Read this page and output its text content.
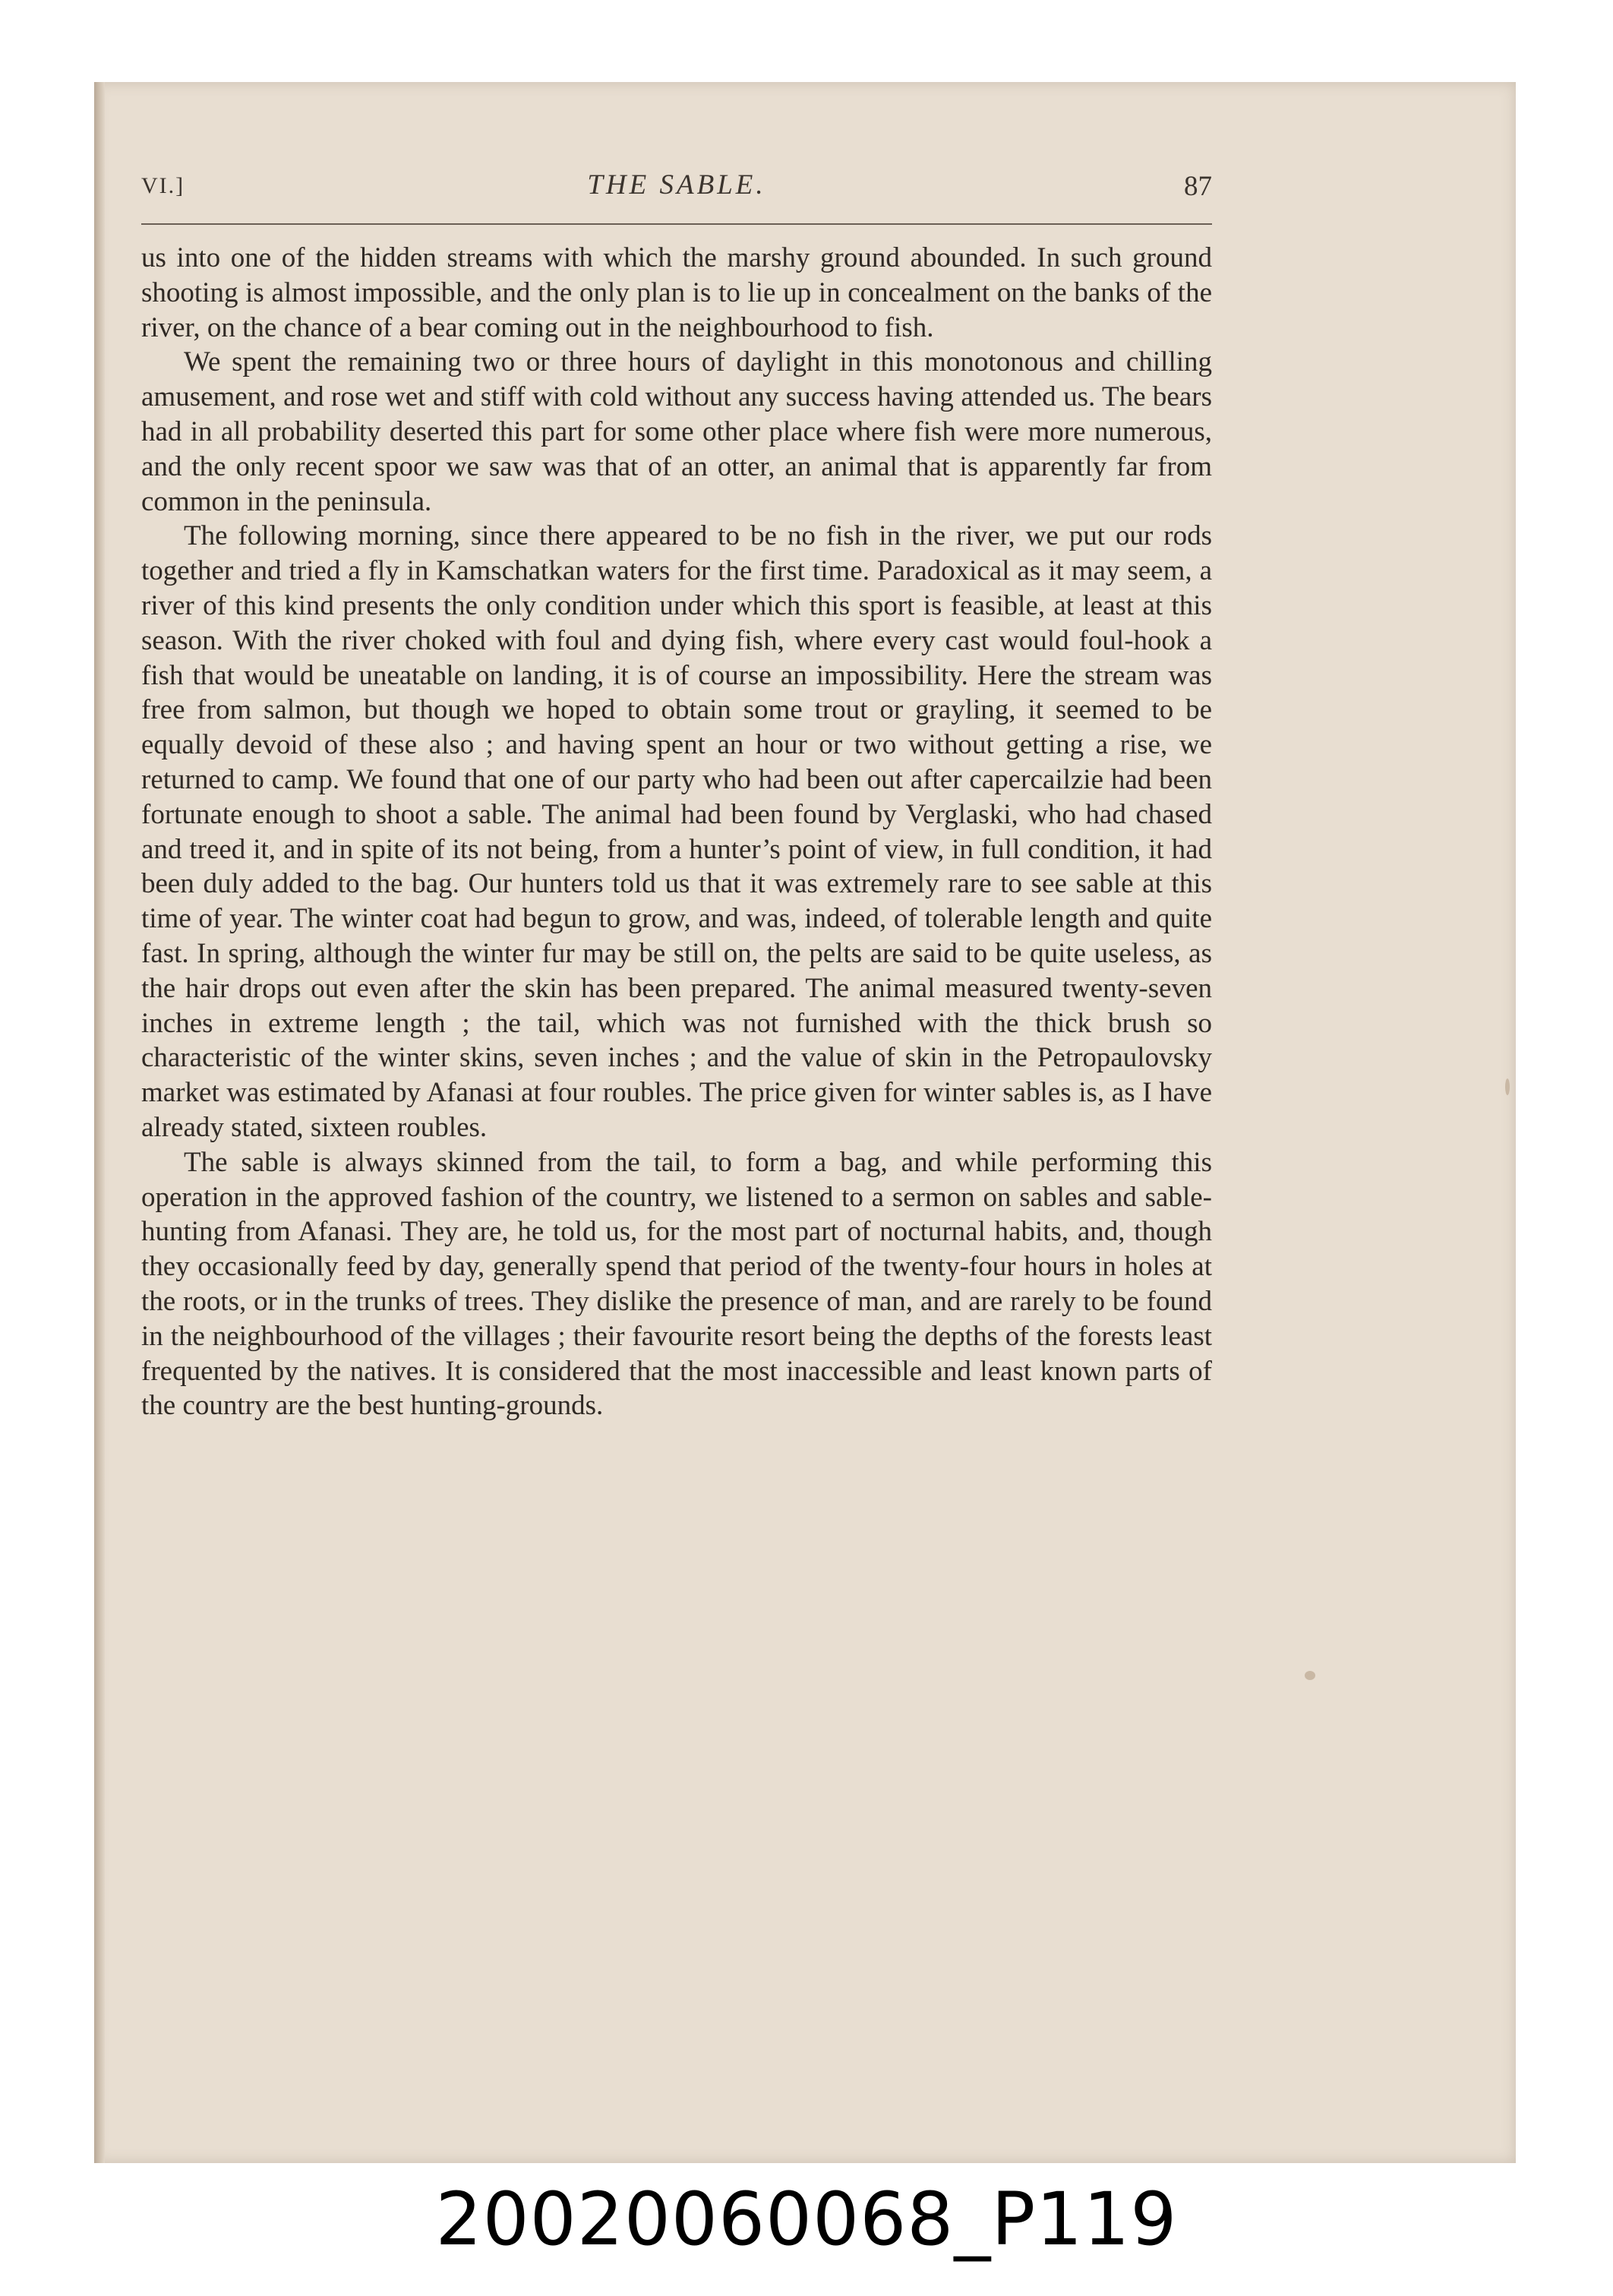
VI.]	THE SABLE.	87

us into one of the hidden streams with which the marshy ground abounded. In such ground shooting is almost impossible, and the only plan is to lie up in concealment on the banks of the river, on the chance of a bear coming out in the neighbourhood to fish.

We spent the remaining two or three hours of daylight in this monotonous and chilling amusement, and rose wet and stiff with cold without any success having attended us. The bears had in all probability deserted this part for some other place where fish were more numerous, and the only recent spoor we saw was that of an otter, an animal that is apparently far from common in the peninsula.

The following morning, since there appeared to be no fish in the river, we put our rods together and tried a fly in Kamschatkan waters for the first time. Paradoxical as it may seem, a river of this kind presents the only condition under which this sport is feasible, at least at this season. With the river choked with foul and dying fish, where every cast would foul-hook a fish that would be uneatable on landing, it is of course an impossibility. Here the stream was free from salmon, but though we hoped to obtain some trout or grayling, it seemed to be equally devoid of these also ; and having spent an hour or two without getting a rise, we returned to camp. We found that one of our party who had been out after capercailzie had been fortunate enough to shoot a sable. The animal had been found by Verglaski, who had chased and treed it, and in spite of its not being, from a hunter’s point of view, in full condition, it had been duly added to the bag. Our hunters told us that it was extremely rare to see sable at this time of year. The winter coat had begun to grow, and was, indeed, of tolerable length and quite fast. In spring, although the winter fur may be still on, the pelts are said to be quite useless, as the hair drops out even after the skin has been prepared. The animal measured twenty-seven inches in extreme length ; the tail, which was not furnished with the thick brush so characteristic of the winter skins, seven inches ; and the value of skin in the Petropaulovsky market was estimated by Afanasi at four roubles. The price given for winter sables is, as I have already stated, sixteen roubles.

The sable is always skinned from the tail, to form a bag, and while performing this operation in the approved fashion of the country, we listened to a sermon on sables and sable-hunting from Afanasi. They are, he told us, for the most part of nocturnal habits, and, though they occasionally feed by day, generally spend that period of the twenty-four hours in holes at the roots, or in the trunks of trees. They dislike the presence of man, and are rarely to be found in the neighbourhood of the villages ; their favourite resort being the depths of the forests least frequented by the natives. It is considered that the most inaccessible and least known parts of the country are the best hunting-grounds.

20020060068_P119
